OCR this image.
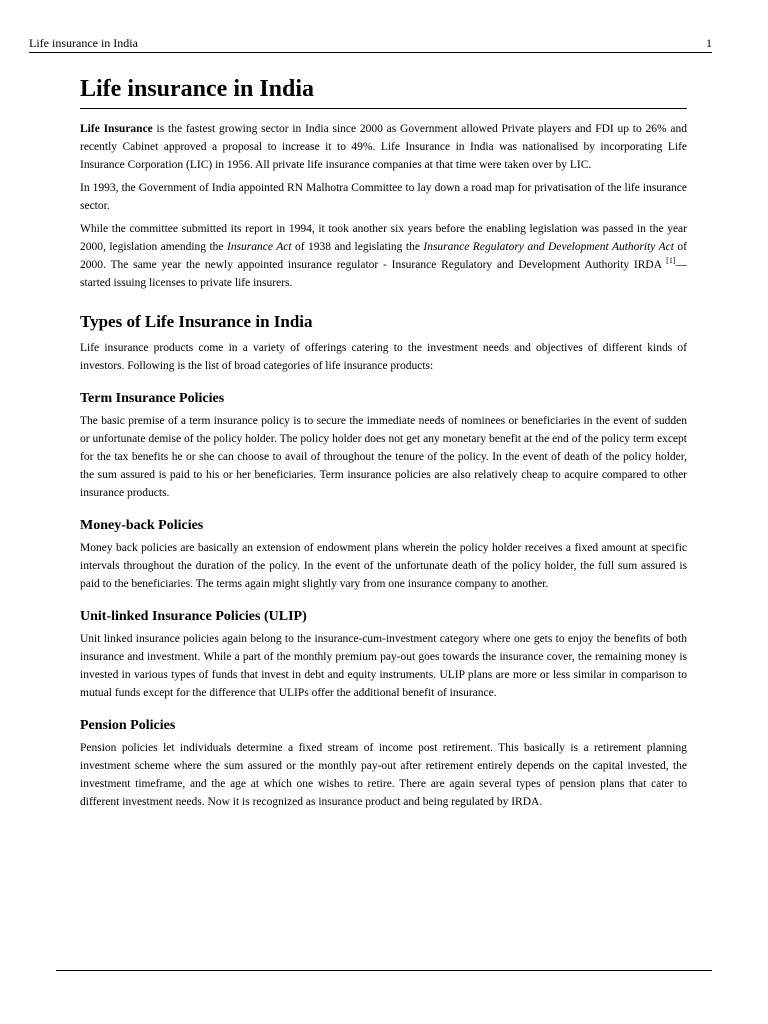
Life insurance in India	1
Life insurance in India

Life Insurance is the fastest growing sector in India since 2000 as Government allowed Private players and FDI up to 26% and recently Cabinet approved a proposal to increase it to 49%. Life Insurance in India was nationalised by incorporating Life Insurance Corporation (LIC) in 1956. All private life insurance companies at that time were taken over by LIC.

In 1993, the Government of India appointed RN Malhotra Committee to lay down a road map for privatisation of the life insurance sector.

While the committee submitted its report in 1994, it took another six years before the enabling legislation was passed in the year 2000, legislation amending the Insurance Act of 1938 and legislating the Insurance Regulatory and Development Authority Act of 2000. The same year the newly appointed insurance regulator - Insurance Regulatory and Development Authority IRDA [1]—started issuing licenses to private life insurers.

Types of Life Insurance in India

Life insurance products come in a variety of offerings catering to the investment needs and objectives of different kinds of investors. Following is the list of broad categories of life insurance products:

Term Insurance Policies

The basic premise of a term insurance policy is to secure the immediate needs of nominees or beneficiaries in the event of sudden or unfortunate demise of the policy holder. The policy holder does not get any monetary benefit at the end of the policy term except for the tax benefits he or she can choose to avail of throughout the tenure of the policy. In the event of death of the policy holder, the sum assured is paid to his or her beneficiaries. Term insurance policies are also relatively cheap to acquire compared to other insurance products.

Money-back Policies

Money back policies are basically an extension of endowment plans wherein the policy holder receives a fixed amount at specific intervals throughout the duration of the policy. In the event of the unfortunate death of the policy holder, the full sum assured is paid to the beneficiaries. The terms again might slightly vary from one insurance company to another.

Unit-linked Insurance Policies (ULIP)

Unit linked insurance policies again belong to the insurance-cum-investment category where one gets to enjoy the benefits of both insurance and investment. While a part of the monthly premium pay-out goes towards the insurance cover, the remaining money is invested in various types of funds that invest in debt and equity instruments. ULIP plans are more or less similar in comparison to mutual funds except for the difference that ULIPs offer the additional benefit of insurance.

Pension Policies

Pension policies let individuals determine a fixed stream of income post retirement. This basically is a retirement planning investment scheme where the sum assured or the monthly pay-out after retirement entirely depends on the capital invested, the investment timeframe, and the age at which one wishes to retire. There are again several types of pension plans that cater to different investment needs. Now it is recognized as insurance product and being regulated by IRDA.
